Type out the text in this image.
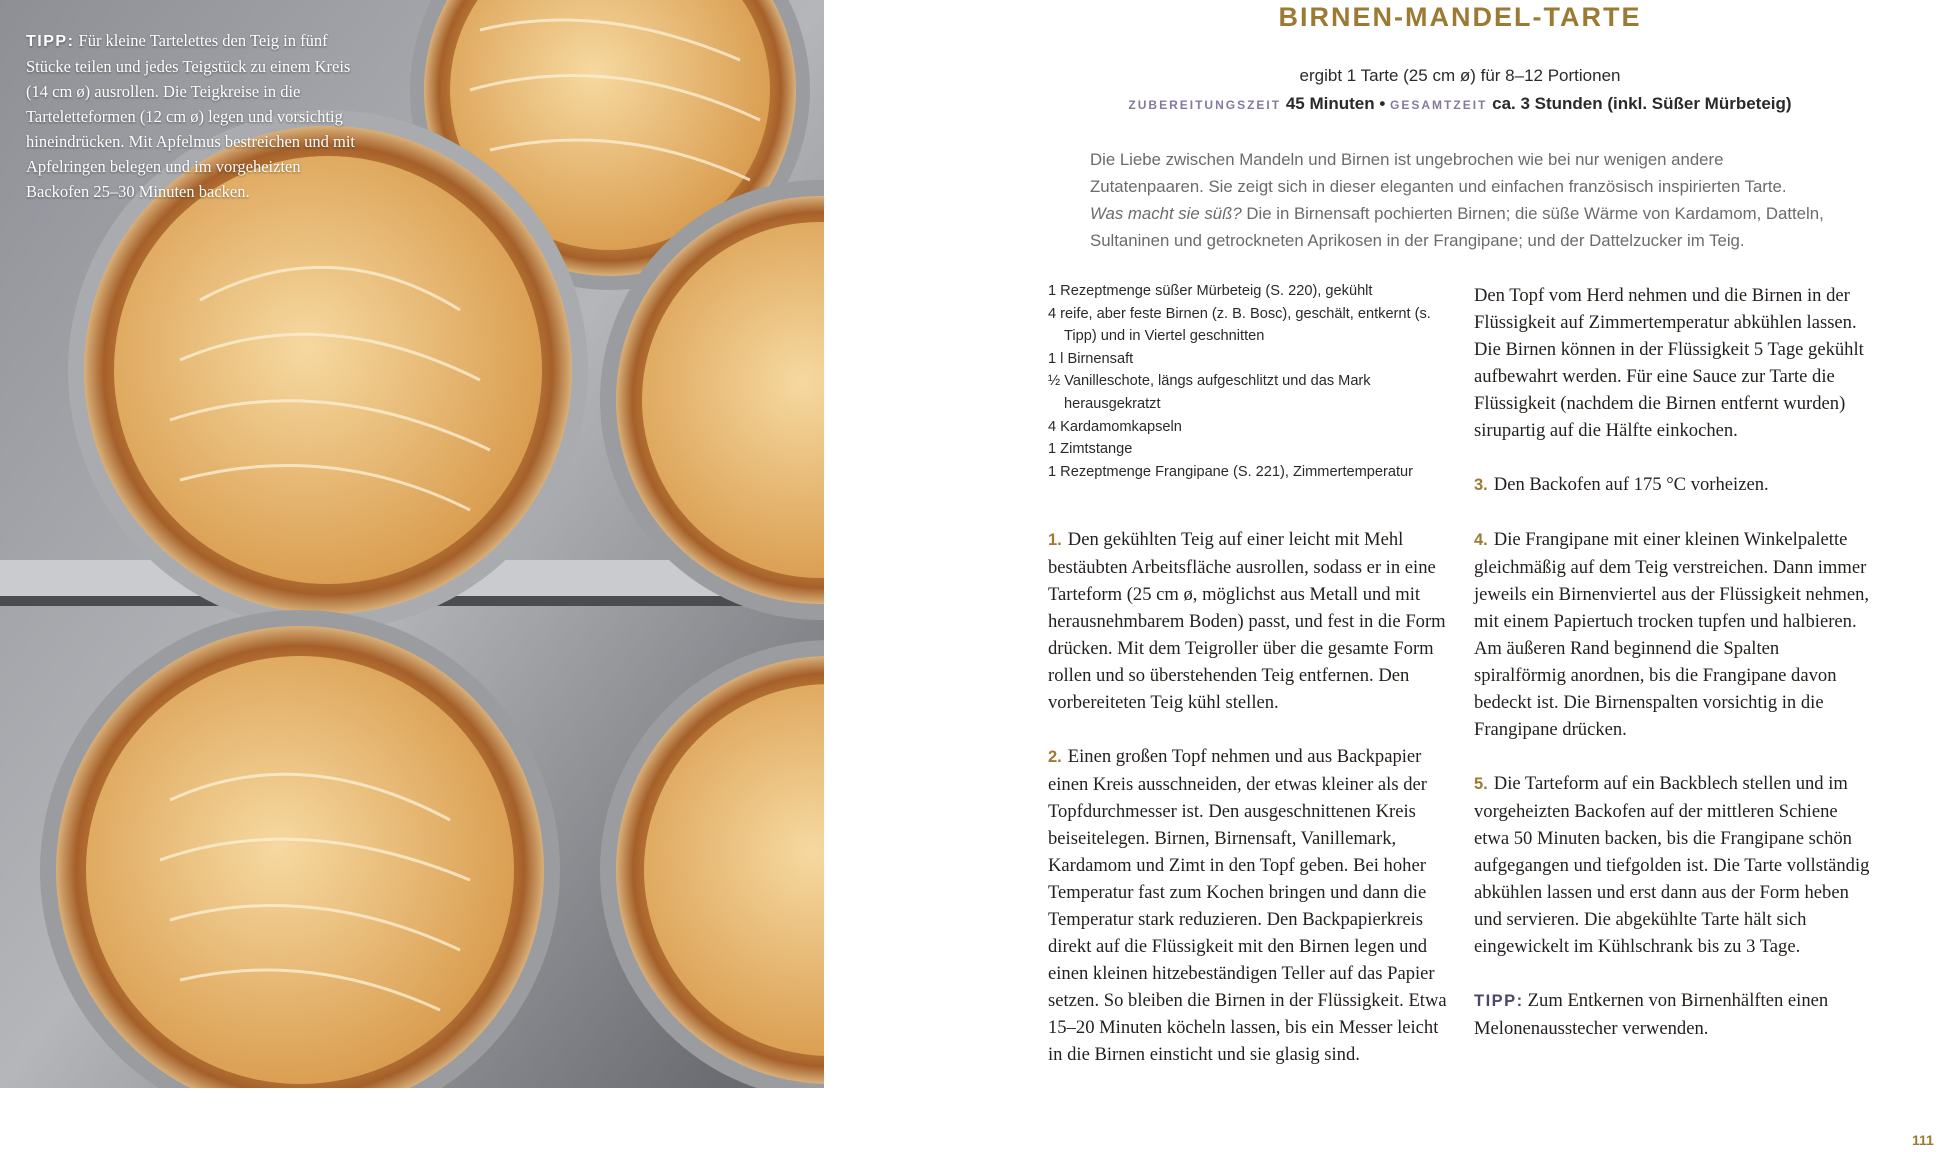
TIPP: Für kleine Tartelettes den Teig in fünf Stücke teilen und jedes Teigstück zu einem Kreis (14 cm ø) ausrollen. Die Teigkreise in die Tarteletteformen (12 cm ø) legen und vorsichtig hineindrücken. Mit Apfelmus bestreichen und mit Apfelringen belegen und im vorgeheizten Backofen 25–30 Minuten backen.
BIRNEN-MANDEL-TARTE
ergibt 1 Tarte (25 cm ø) für 8–12 Portionen
ZUBEREITUNGSZEIT 45 Minuten • GESAMTZEIT ca. 3 Stunden (inkl. Süßer Mürbeteig)

Die Liebe zwischen Mandeln und Birnen ist ungebrochen wie bei nur wenigen andere Zutatenpaaren. Sie zeigt sich in dieser eleganten und einfachen französisch inspirierten Tarte.

Was macht sie süß? Die in Birnensaft pochierten Birnen; die süße Wärme von Kardamom, Datteln, Sultaninen und getrockneten Aprikosen in der Frangipane; und der Dattelzucker im Teig.

1 Rezeptmenge süßer Mürbeteig (S. 220), gekühlt
4 reife, aber feste Birnen (z. B. Bosc), geschält, entkernt (s. Tipp) und in Viertel geschnitten
1 l Birnensaft
½ Vanilleschote, längs aufgeschlitzt und das Mark herausgekratzt
4 Kardamomkapseln
1 Zimtstange
1 Rezeptmenge Frangipane (S. 221), Zimmertemperatur

1. Den gekühlten Teig auf einer leicht mit Mehl bestäubten Arbeitsfläche ausrollen, sodass er in eine Tarteform (25 cm ø, möglichst aus Metall und mit herausnehmbarem Boden) passt, und fest in die Form drücken. Mit dem Teigroller über die gesamte Form rollen und so überstehenden Teig entfernen. Den vorbereiteten Teig kühl stellen.

2. Einen großen Topf nehmen und aus Backpapier einen Kreis ausschneiden, der etwas kleiner als der Topfdurchmesser ist. Den ausgeschnittenen Kreis beiseitelegen. Birnen, Birnensaft, Vanillemark, Kardamom und Zimt in den Topf geben. Bei hoher Temperatur fast zum Kochen bringen und dann die Temperatur stark reduzieren. Den Backpapierkreis direkt auf die Flüssigkeit mit den Birnen legen und einen kleinen hitzebeständigen Teller auf das Papier setzen. So bleiben die Birnen in der Flüssigkeit. Etwa 15–20 Minuten köcheln lassen, bis ein Messer leicht in die Birnen einsticht und sie glasig sind.

Den Topf vom Herd nehmen und die Birnen in der Flüssigkeit auf Zimmertemperatur abkühlen lassen. Die Birnen können in der Flüssigkeit 5 Tage gekühlt aufbewahrt werden. Für eine Sauce zur Tarte die Flüssigkeit (nachdem die Birnen entfernt wurden) sirupartig auf die Hälfte einkochen.

3. Den Backofen auf 175 °C vorheizen.

4. Die Frangipane mit einer kleinen Winkelpalette gleichmäßig auf dem Teig verstreichen. Dann immer jeweils ein Birnenviertel aus der Flüssigkeit nehmen, mit einem Papiertuch trocken tupfen und halbieren. Am äußeren Rand beginnend die Spalten spiralförmig anordnen, bis die Frangipane davon bedeckt ist. Die Birnenspalten vorsichtig in die Frangipane drücken.

5. Die Tarteform auf ein Backblech stellen und im vorgeheizten Backofen auf der mittleren Schiene etwa 50 Minuten backen, bis die Frangipane schön aufgegangen und tiefgolden ist. Die Tarte vollständig abkühlen lassen und erst dann aus der Form heben und servieren. Die abgekühlte Tarte hält sich eingewickelt im Kühlschrank bis zu 3 Tage.

TIPP: Zum Entkernen von Birnenhälften einen Melonenausstecher verwenden.

111
